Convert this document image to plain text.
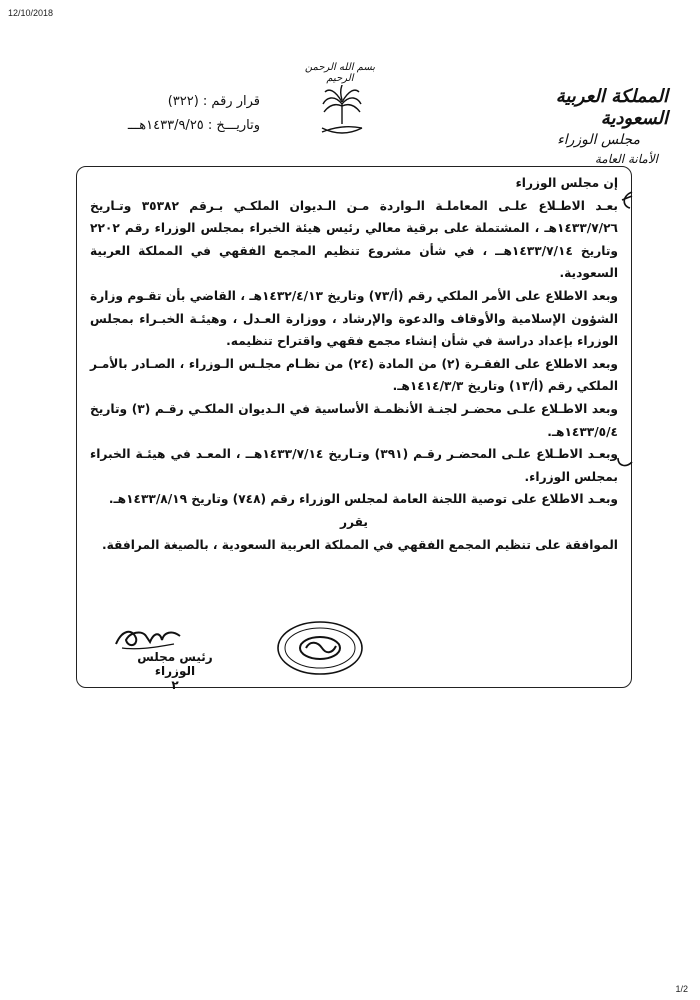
12/10/2018
بسم الله الرحمن الرحيم
المملكة العربية السعودية
مجلس الوزراء
الأمانة العامة
قرار رقم : (٣٢٢)
وتاريـــخ : ١٤٣٣/٩/٢٥هـــ

إن مجلس الوزراء

بعـد الاطـلاع علـى المعاملـة الـواردة مـن الـديوان الملكـي بـرقم ٣٥٣٨٢ وتـاريخ ١٤٣٣/٧/٢٦هـ ، المشتملة على برقية معالي رئيس هيئة الخبراء بمجلس الوزراء رقم ٢٢٠٢ وتاريخ ١٤٣٣/٧/١٤هــ ، في شأن مشروع تنظيم المجمع الفقهي في المملكة العربية السعودية.

وبعد الاطلاع على الأمر الملكي رقم (أ/٧٣) وتاريخ ١٤٣٢/٤/١٣هـ ، القاضي بأن تقـوم وزارة الشؤون الإسلامية والأوقاف والدعوة والإرشاد ، ووزارة العـدل ، وهيئـة الخبـراء بمجلس الوزراء بإعداد دراسة في شأن إنشاء مجمع فقهي واقتراح تنظيمه.

وبعد الاطلاع على الفقـرة (٢) من المادة (٢٤) من نظـام مجلـس الـوزراء ، الصـادر بالأمـر الملكي رقم (أ/١٣) وتاريخ ١٤١٤/٣/٣هـ.

وبعد الاطـلاع علـى محضـر لجنـة الأنظمـة الأساسية في الـديوان الملكـي رقـم (٣) وتاريخ ١٤٣٣/٥/٤هـ.

وبعـد الاطـلاع علـى المحضـر رقـم (٣٩١) وتـاريخ ١٤٣٣/٧/١٤هــ ، المعـد في هيئـة الخبراء بمجلس الوزراء.

وبعـد الاطلاع على توصية اللجنة العامة لمجلس الوزراء رقم (٧٤٨) وتاريخ ١٤٣٣/٨/١٩هـ.

يقرر

الموافقة على تنظيم المجمع الفقهي في المملكة العربية السعودية ، بالصيغة المرافقة.

رئيس مجلس الوزراء
٢
1/2
